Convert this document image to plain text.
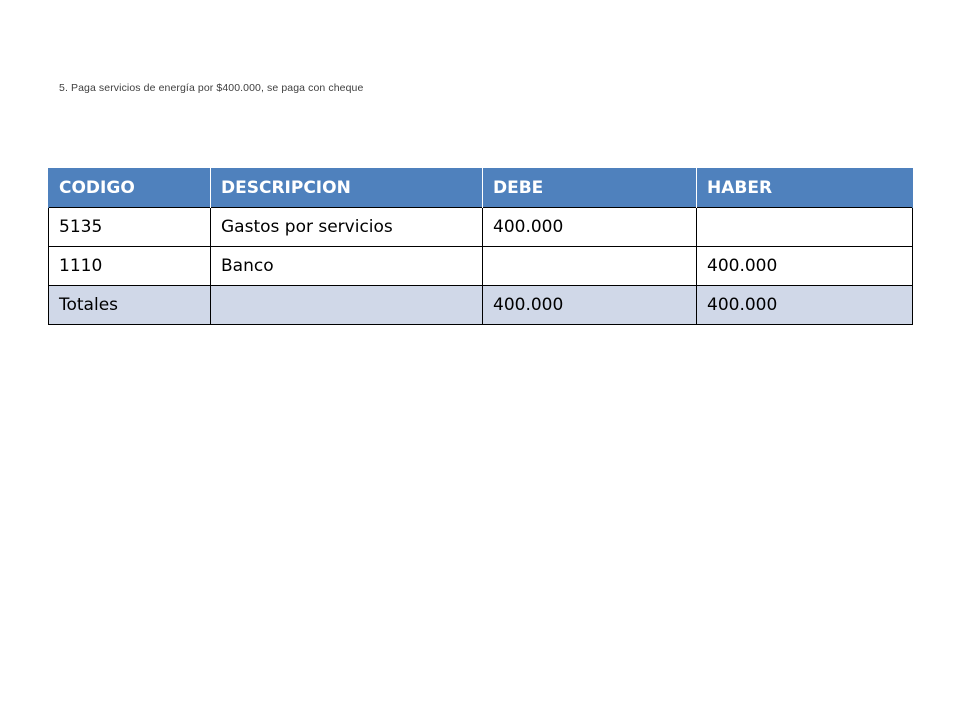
5. Paga servicios de energía por $400.000, se paga con cheque
CODIGO	DESCRIPCION	DEBE	HABER
5135	Gastos por servicios	400.000	
1110	Banco		400.000
Totales		400.000	400.000
